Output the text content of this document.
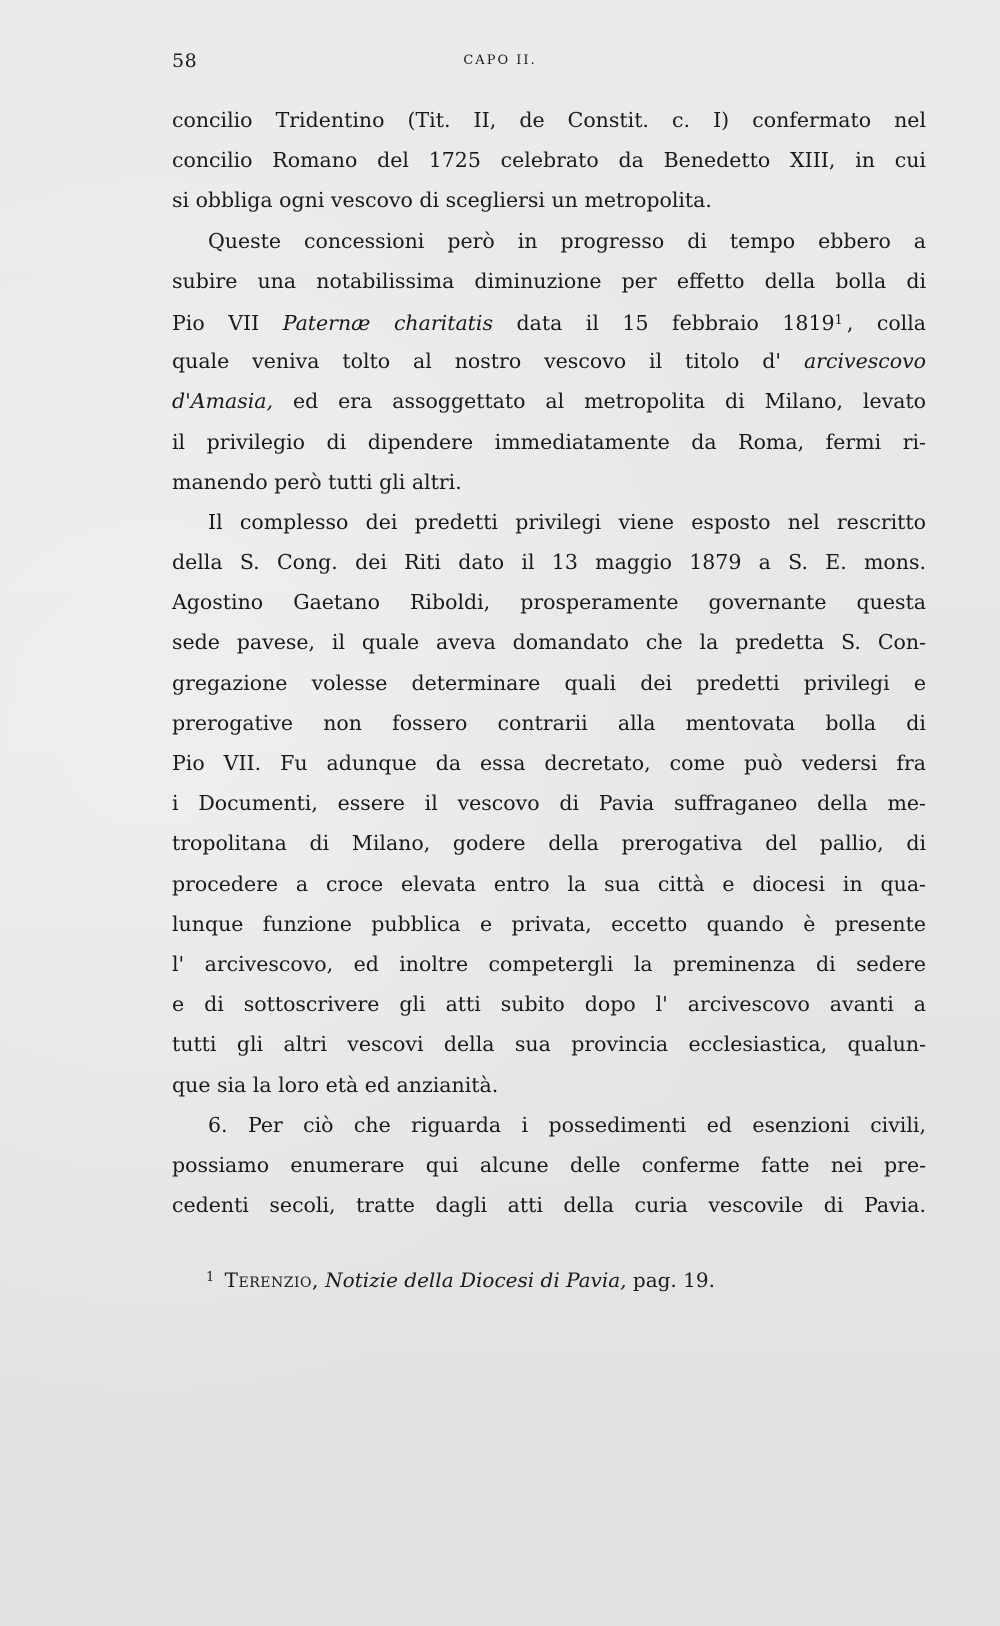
58	CAPO II.
concilio Tridentino (Tit. II, de Constit. c. I) confermato nel
concilio Romano del 1725 celebrato da Benedetto XIII, in cui
si obbliga ogni vescovo di scegliersi un metropolita.
Queste concessioni però in progresso di tempo ebbero a
subire una notabilissima diminuzione per effetto della bolla di
Pio VII Paternæ charitatis data il 15 febbraio 1819$^1$ , colla
quale veniva tolto al nostro vescovo il titolo d' arcivescovo
d'Amasia, ed era assoggettato al metropolita di Milano, levato
il privilegio di dipendere immediatamente da Roma, fermi ri-
manendo però tutti gli altri.
Il complesso dei predetti privilegi viene esposto nel rescritto
della S. Cong. dei Riti dato il 13 maggio 1879 a S. E. mons.
Agostino Gaetano Riboldi, prosperamente governante questa
sede pavese, il quale aveva domandato che la predetta S. Con-
gregazione volesse determinare quali dei predetti privilegi e
prerogative non fossero contrarii alla mentovata bolla di
Pio VII. Fu adunque da essa decretato, come può vedersi fra
i Documenti, essere il vescovo di Pavia suffraganeo della me-
tropolitana di Milano, godere della prerogativa del pallio, di
procedere a croce elevata entro la sua città e diocesi in qua-
lunque funzione pubblica e privata, eccetto quando è presente
l' arcivescovo, ed inoltre competergli la preminenza di sedere
e di sottoscrivere gli atti subito dopo l' arcivescovo avanti a
tutti gli altri vescovi della sua provincia ecclesiastica, qualun-
que sia la loro età ed anzianità.
6. Per ciò che riguarda i possedimenti ed esenzioni civili,
possiamo enumerare qui alcune delle conferme fatte nei pre-
cedenti secoli, tratte dagli atti della curia vescovile di Pavia.
$^1$ Terenzio, Notizie della Diocesi di Pavia, pag. 19.
